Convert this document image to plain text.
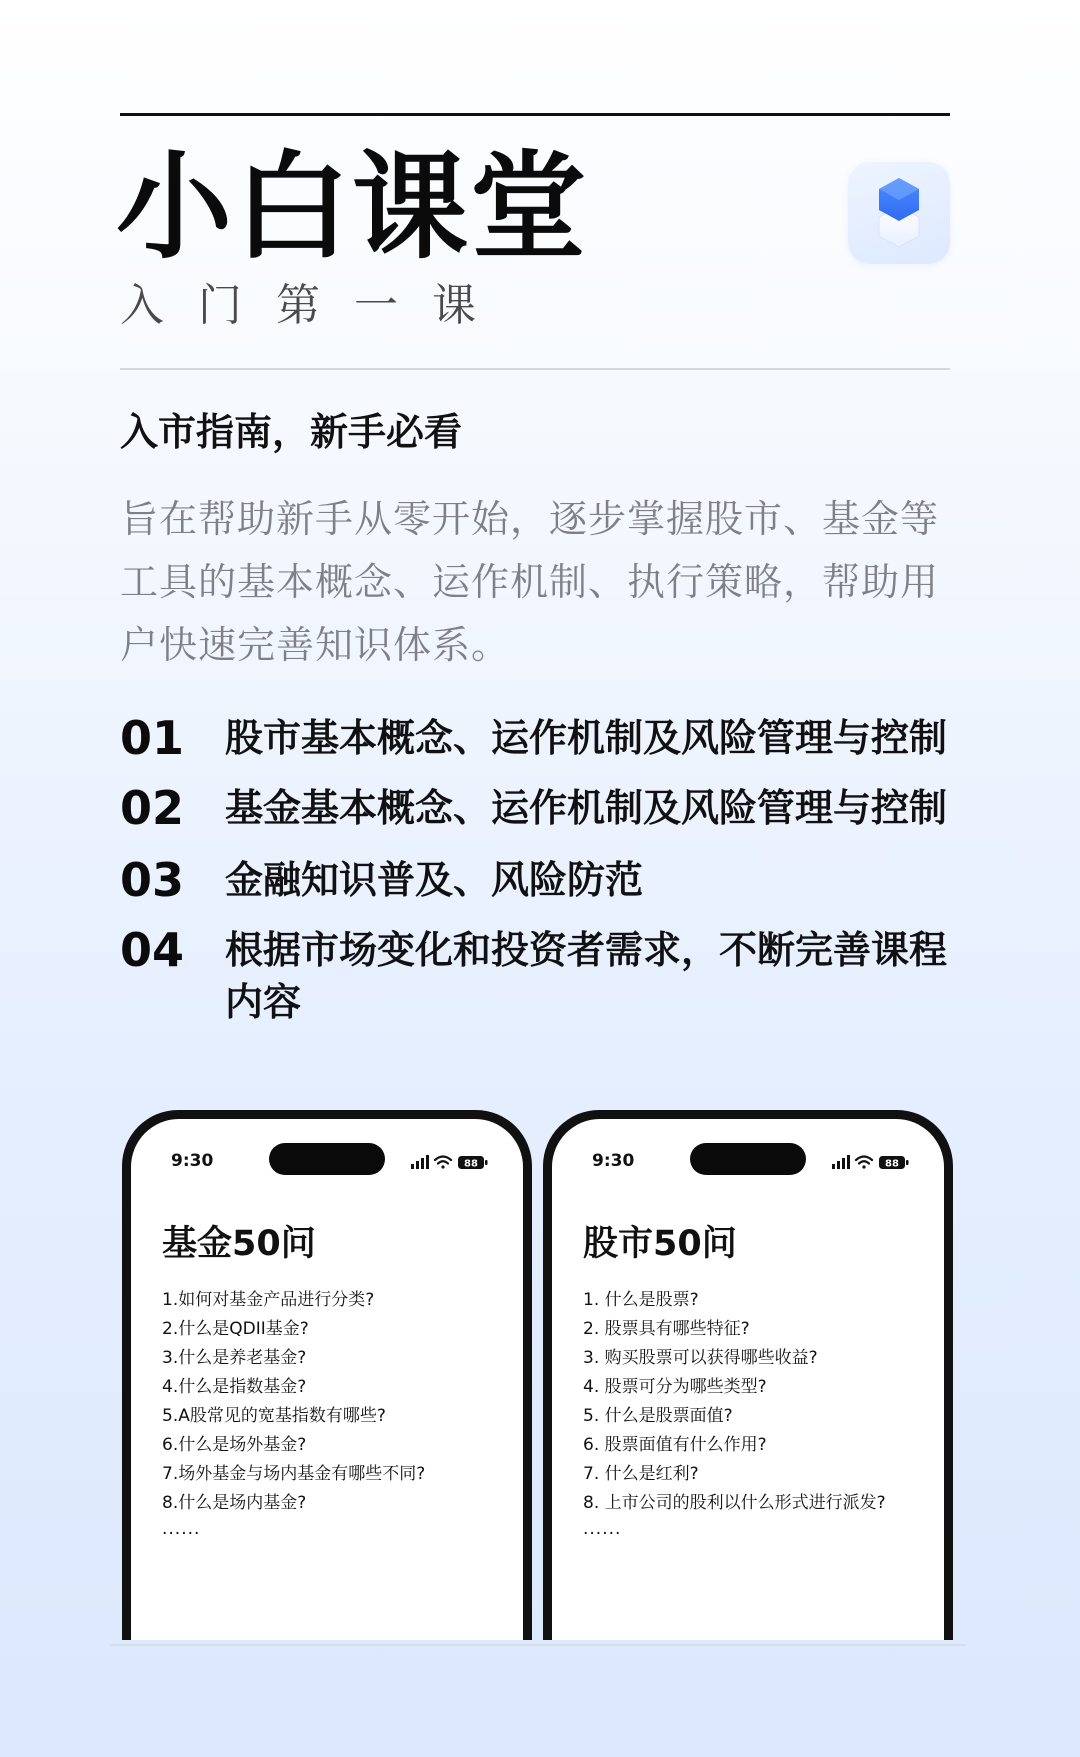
小白课堂
入门第一课
入市指南，新手必看
旨在帮助新手从零开始，逐步掌握股市、基金等工具的基本概念、运作机制、执行策略，帮助用户快速完善知识体系。
01 股市基本概念、运作机制及风险管理与控制
02 基金基本概念、运作机制及风险管理与控制
03 金融知识普及、风险防范
04 根据市场变化和投资者需求，不断完善课程内容
9:30	88
基金50问
1.如何对基金产品进行分类?
2.什么是QDII基金?
3.什么是养老基金?
4.什么是指数基金?
5.A股常见的宽基指数有哪些?
6.什么是场外基金?
7.场外基金与场内基金有哪些不同?
8.什么是场内基金?
......
9:30	88
股市50问
1. 什么是股票?
2. 股票具有哪些特征?
3. 购买股票可以获得哪些收益?
4. 股票可分为哪些类型?
5. 什么是股票面值?
6. 股票面值有什么作用?
7. 什么是红利?
8. 上市公司的股利以什么形式进行派发?
......
